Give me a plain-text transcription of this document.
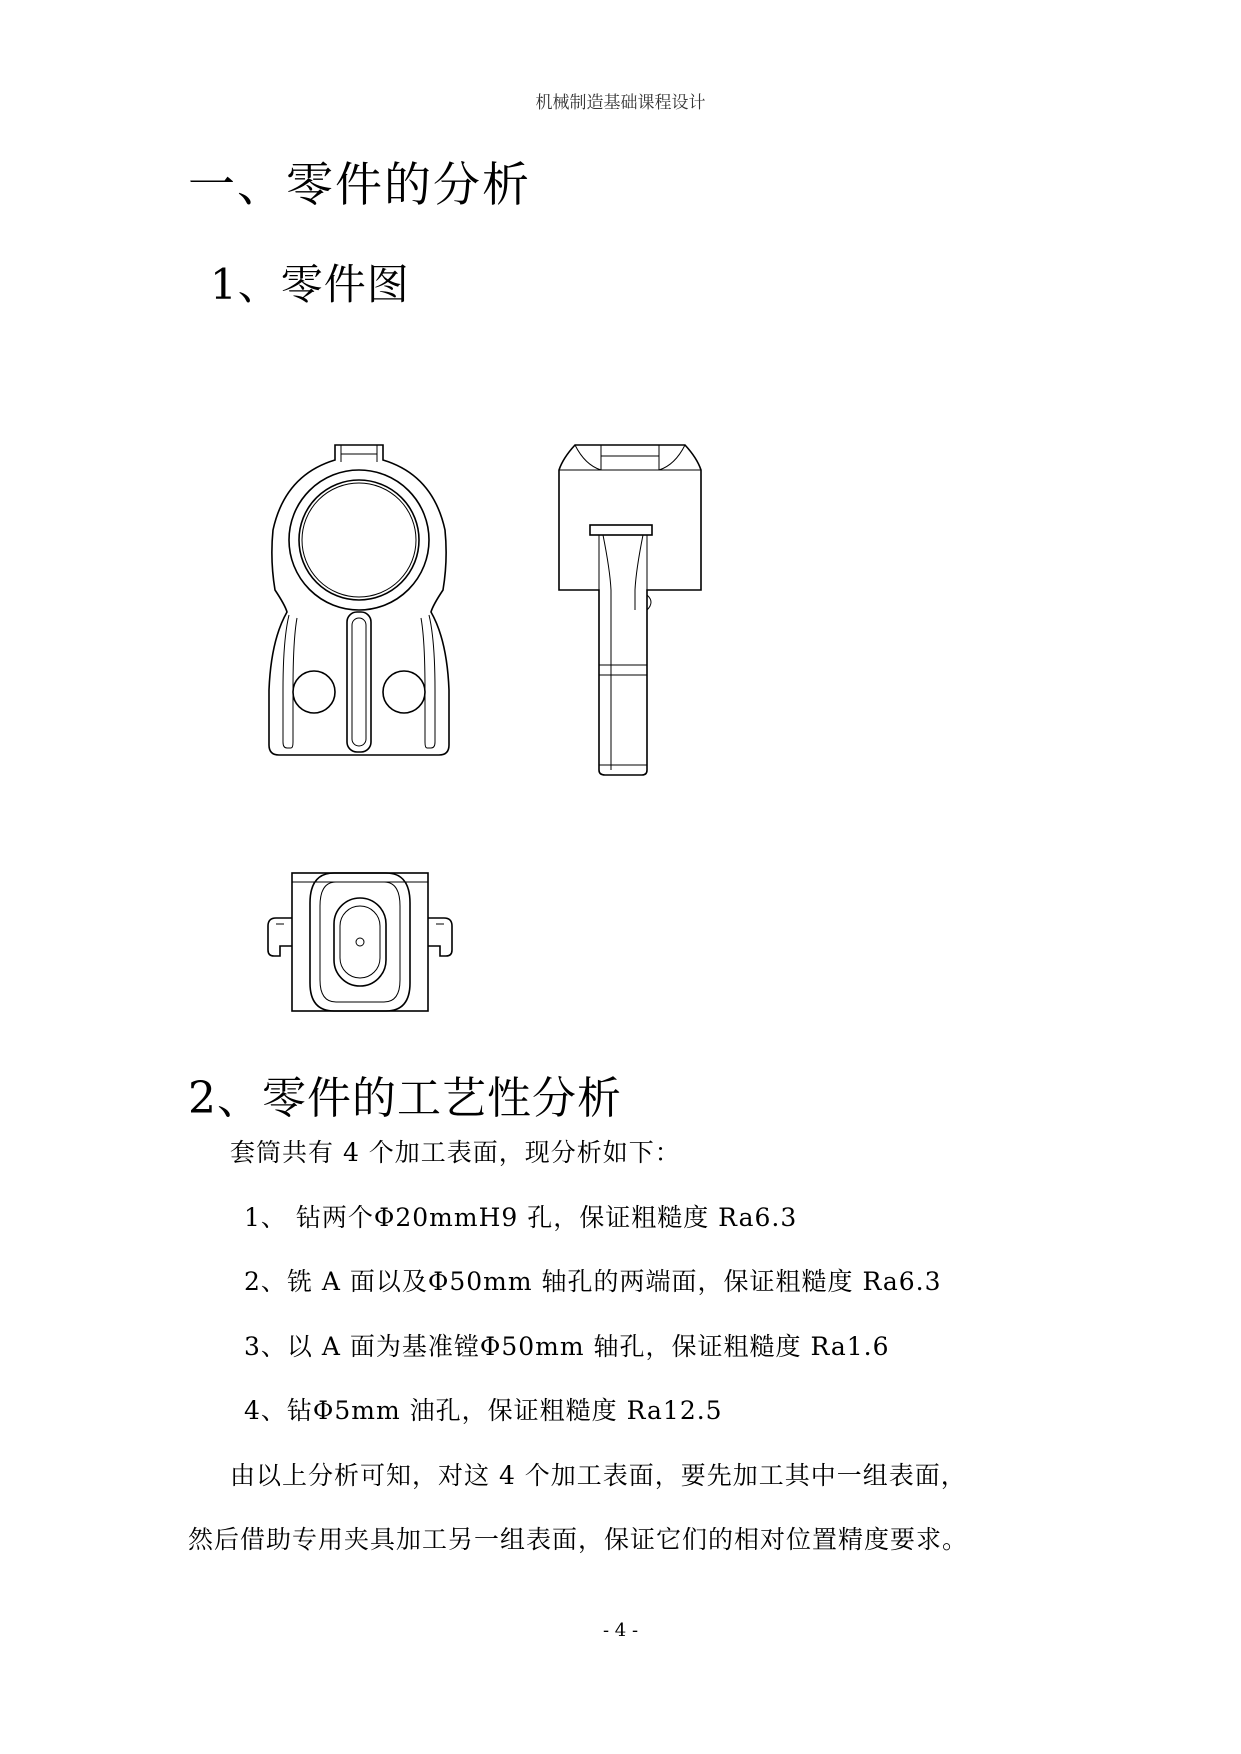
机械制造基础课程设计
一、零件的分析
1、零件图
2、零件的工艺性分析
套筒共有 4 个加工表面，现分析如下：
1、 钻两个Φ20mmH9 孔，保证粗糙度 Ra6.3
2、铣 A 面以及Φ50mm 轴孔的两端面，保证粗糙度 Ra6.3
3、以 A 面为基准镗Φ50mm 轴孔，保证粗糙度 Ra1.6
4、钻Φ5mm 油孔，保证粗糙度 Ra12.5
由以上分析可知，对这 4 个加工表面，要先加工其中一组表面，
然后借助专用夹具加工另一组表面，保证它们的相对位置精度要求。
- 4 -
